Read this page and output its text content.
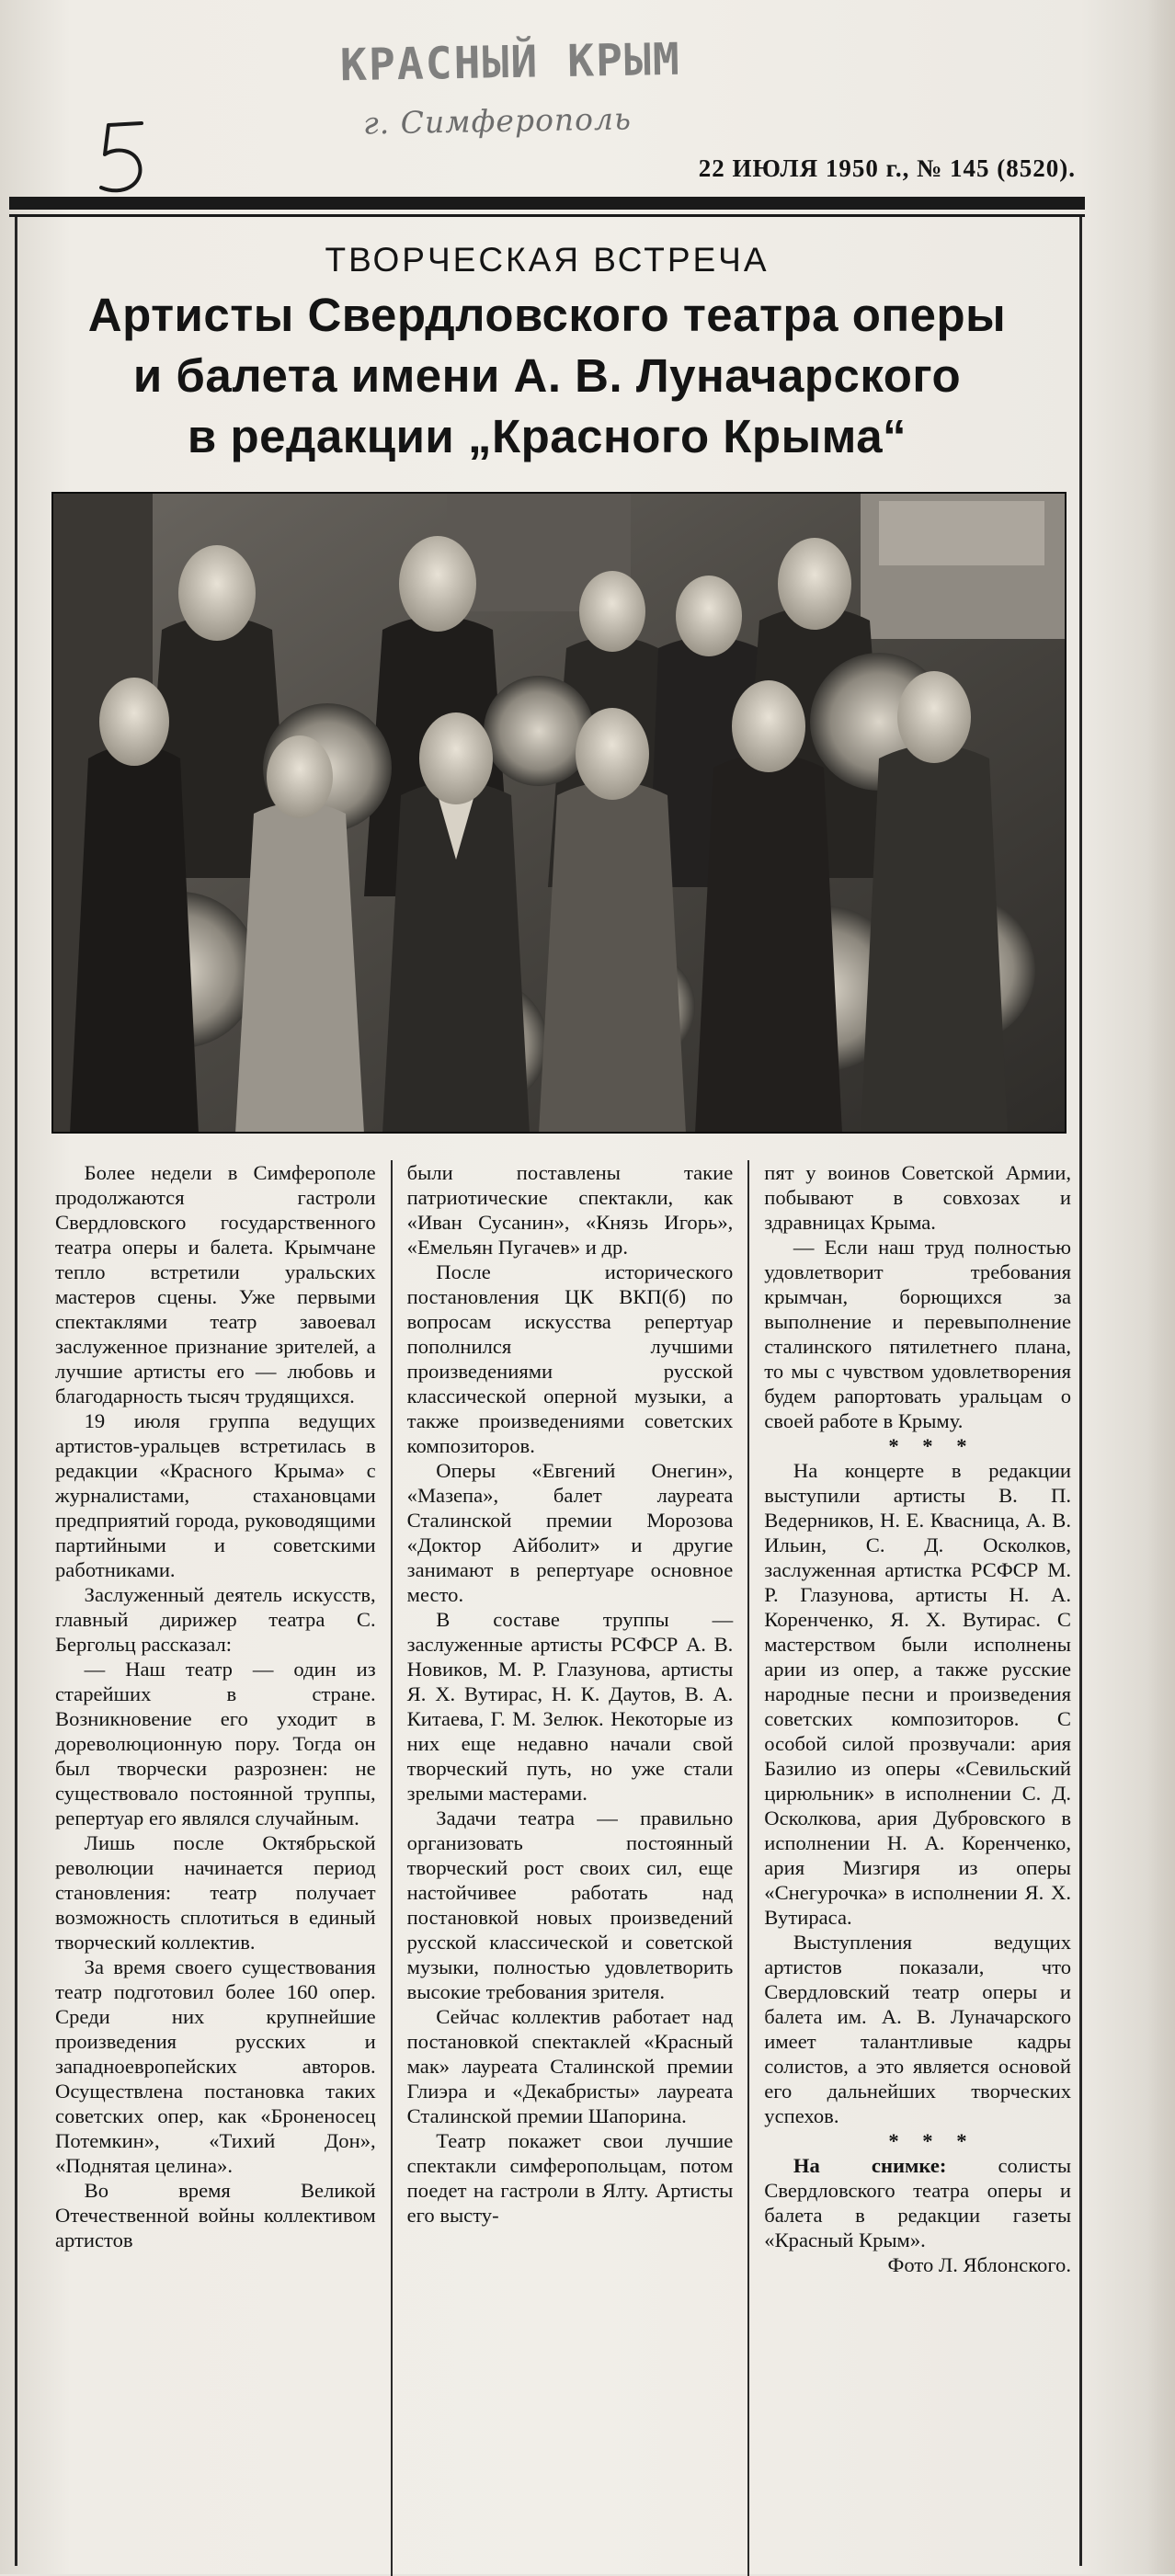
КРАСНЫЙ КРЫМ
г. Симферополь
22 ИЮЛЯ 1950 г., № 145 (8520).
ТВОРЧЕСКАЯ ВСТРЕЧА
Артисты Свердловского театра оперы
и балета имени А. В. Луначарского
в редакции „Красного Крыма“

Более недели в Симферополе продолжаются гастроли Свердловского государственного театра оперы и балета. Крымчане тепло встретили уральских мастеров сцены. Уже первыми спектаклями театр завоевал заслуженное признание зрителей, а лучшие артисты его — любовь и благодарность тысяч трудящихся.

19 июля группа ведущих артистов-уральцев встретилась в редакции «Красного Крыма» с журналистами, стахановцами предприятий города, руководящими партийными и советскими работниками.

Заслуженный деятель искусств, главный дирижер театра С. Бергольц рассказал:

— Наш театр — один из старейших в стране. Возникновение его уходит в дореволюционную пору. Тогда он был творчески разрознен: не существовало постоянной труппы, репертуар его являлся случайным.

Лишь после Октябрьской революции начинается период становления: театр получает возможность сплотиться в единый творческий коллектив.

За время своего существования театр подготовил более 160 опер. Среди них крупнейшие произведения русских и западноевропейских авторов. Осуществлена постановка таких советских опер, как «Броненосец Потемкин», «Тихий Дон», «Поднятая целина».

Во время Великой Отечественной войны коллективом артистов

были поставлены такие патриотические спектакли, как «Иван Сусанин», «Князь Игорь», «Емельян Пугачев» и др.

После исторического постановления ЦК ВКП(б) по вопросам искусства репертуар пополнился лучшими произведениями русской классической оперной музыки, а также произведениями советских композиторов.

Оперы «Евгений Онегин», «Мазепа», балет лауреата Сталинской премии Морозова «Доктор Айболит» и другие занимают в репертуаре основное место.

В составе труппы — заслуженные артисты РСФСР А. В. Новиков, М. Р. Глазунова, артисты Я. Х. Вутирас, Н. К. Даутов, В. А. Китаева, Г. М. Зелюк. Некоторые из них еще недавно начали свой творческий путь, но уже стали зрелыми мастерами.

Задачи театра — правильно организовать постоянный творческий рост своих сил, еще настойчивее работать над постановкой новых произведений русской классической и советской музыки, полностью удовлетворить высокие требования зрителя.

Сейчас коллектив работает над постановкой спектаклей «Красный мак» лауреата Сталинской премии Глиэра и «Декабристы» лауреата Сталинской премии Шапорина.

Театр покажет свои лучшие спектакли симферопольцам, потом поедет на гастроли в Ялту. Артисты его высту-

пят у воинов Советской Армии, побывают в совхозах и здравницах Крыма.

— Если наш труд полностью удовлетворит требования крымчан, борющихся за выполнение и перевыполнение сталинского пятилетнего плана, то мы с чувством удовлетворения будем рапортовать уральцам о своей работе в Крыму.

* * *

На концерте в редакции выступили артисты В. П. Ведерников, Н. Е. Квасница, А. В. Ильин, С. Д. Осколков, заслуженная артистка РСФСР М. Р. Глазунова, артисты Н. А. Коренченко, Я. Х. Вутирас. С мастерством были исполнены арии из опер, а также русские народные песни и произведения советских композиторов. С особой силой прозвучали: ария Базилио из оперы «Севильский цирюльник» в исполнении С. Д. Осколкова, ария Дубровского в исполнении Н. А. Коренченко, ария Мизгиря из оперы «Снегурочка» в исполнении Я. Х. Вутираса.

Выступления ведущих артистов показали, что Свердловский театр оперы и балета им. А. В. Луначарского имеет талантливые кадры солистов, а это является основой его дальнейших творческих успехов.

* * *

На снимке: солисты Свердловского театра оперы и балета в редакции газеты «Красный Крым».

Фото Л. Яблонского.
